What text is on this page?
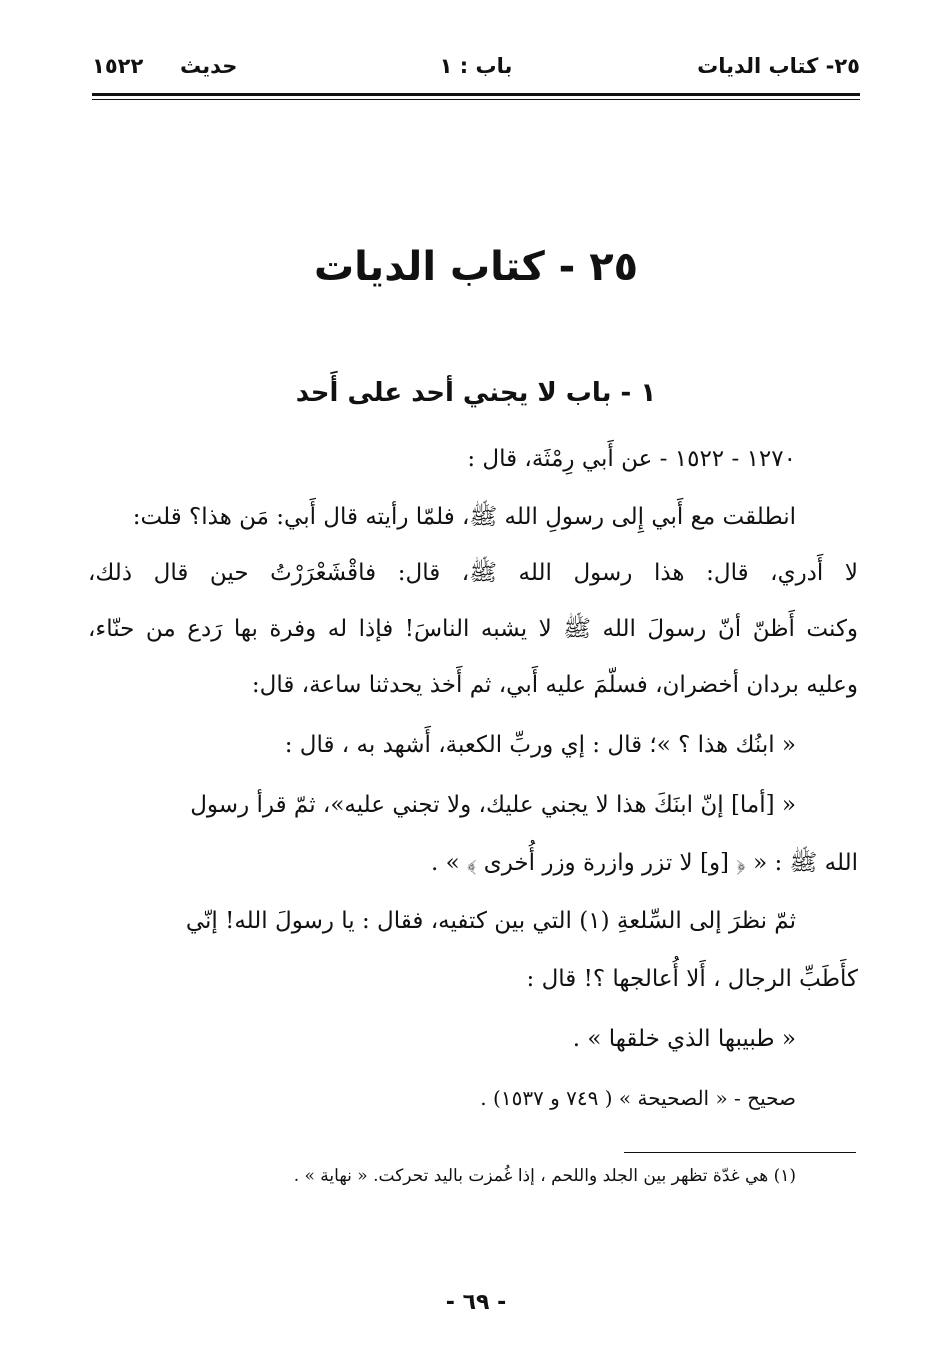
٢٥- كتاب الديات
باب : ١
حديث
١٥٢٢
٢٥ - كتاب الديات
١ - باب لا يجني أحد على أَحد
١٢٧٠ - ١٥٢٢ - عن أَبي رِمْثَة، قال :
انطلقت مع أَبي إِلى رسولِ الله ﷺ، فلمّا رأيته قال أَبي: مَن هذا؟ قلت:
لا أَدري، قال: هذا رسول الله ﷺ، قال: فاقْشَعْرَرْتُ حين قال ذلك،
وكنت أَظنّ أنّ رسولَ الله ﷺ لا يشبه الناسَ! فإذا له وفرة بها رَدع من حنّاء،
وعليه بردان أخضران، فسلّمَ عليه أَبي، ثم أَخذ يحدثنا ساعة، قال:
« ابنُك هذا ؟ »؛ قال : إي وربِّ الكعبة، أَشهد به ، قال :
« [أما] إنّ ابنَكَ هذا لا يجني عليك، ولا تجني عليه»، ثمّ قرأ رسول
الله ﷺ : « ﴿ [و] لا تزر وازرة وزر أُخرى ﴾ » .
ثمّ نظرَ إلى السِّلعةِ (١) التي بين كتفيه، فقال : يا رسولَ الله! إنّي
كأَطَبِّ الرجال ، أَلا أُعالجها ؟! قال :
« طبيبها الذي خلقها » .
صحيح - « الصحيحة » ( ٧٤٩ و ١٥٣٧) .
(١) هي غدّة تظهر بين الجلد واللحم ، إذا غُمزت باليد تحركت. « نهاية » .
- ٦٩ -
